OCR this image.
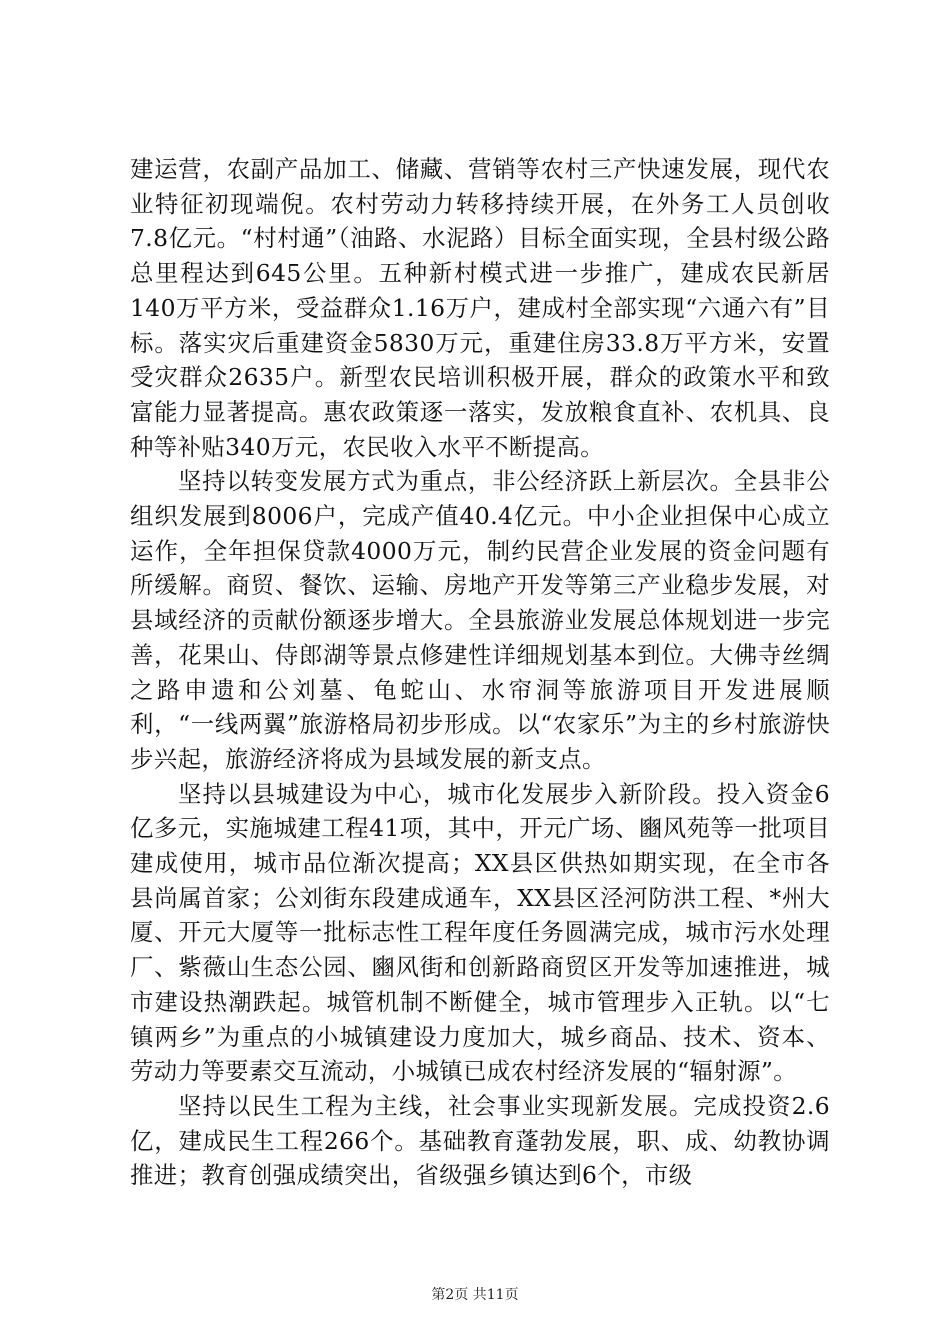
建运营，农副产品加工、储藏、营销等农村三产快速发展，现代农业特征初现端倪。农村劳动力转移持续开展，在外务工人员创收7.8亿元。“村村通”（油路、水泥路）目标全面实现，全县村级公路总里程达到645公里。五种新村模式进一步推广，建成农民新居140万平方米，受益群众1.16万户，建成村全部实现“六通六有”目标。落实灾后重建资金5830万元，重建住房33.8万平方米，安置受灾群众2635户。新型农民培训积极开展，群众的政策水平和致富能力显著提高。惠农政策逐一落实，发放粮食直补、农机具、良种等补贴340万元，农民收入水平不断提高。

坚持以转变发展方式为重点，非公经济跃上新层次。全县非公组织发展到8006户，完成产值40.4亿元。中小企业担保中心成立运作，全年担保贷款4000万元，制约民营企业发展的资金问题有所缓解。商贸、餐饮、运输、房地产开发等第三产业稳步发展，对县域经济的贡献份额逐步增大。全县旅游业发展总体规划进一步完善，花果山、侍郎湖等景点修建性详细规划基本到位。大佛寺丝绸之路申遗和公刘墓、龟蛇山、水帘洞等旅游项目开发进展顺利，“一线两翼”旅游格局初步形成。以“农家乐”为主的乡村旅游快步兴起，旅游经济将成为县域发展的新支点。

坚持以县城建设为中心，城市化发展步入新阶段。投入资金6亿多元，实施城建工程41项，其中，开元广场、豳风苑等一批项目建成使用，城市品位渐次提高；XX县区供热如期实现，在全市各县尚属首家；公刘街东段建成通车，XX县区泾河防洪工程、*州大厦、开元大厦等一批标志性工程年度任务圆满完成，城市污水处理厂、紫薇山生态公园、豳风街和创新路商贸区开发等加速推进，城市建设热潮跌起。城管机制不断健全，城市管理步入正轨。以“七镇两乡”为重点的小城镇建设力度加大，城乡商品、技术、资本、劳动力等要素交互流动，小城镇已成农村经济发展的“辐射源”。

坚持以民生工程为主线，社会事业实现新发展。完成投资2.6亿，建成民生工程266个。基础教育蓬勃发展，职、成、幼教协调推进；教育创强成绩突出，省级强乡镇达到6个，市级

第2页 共11页
